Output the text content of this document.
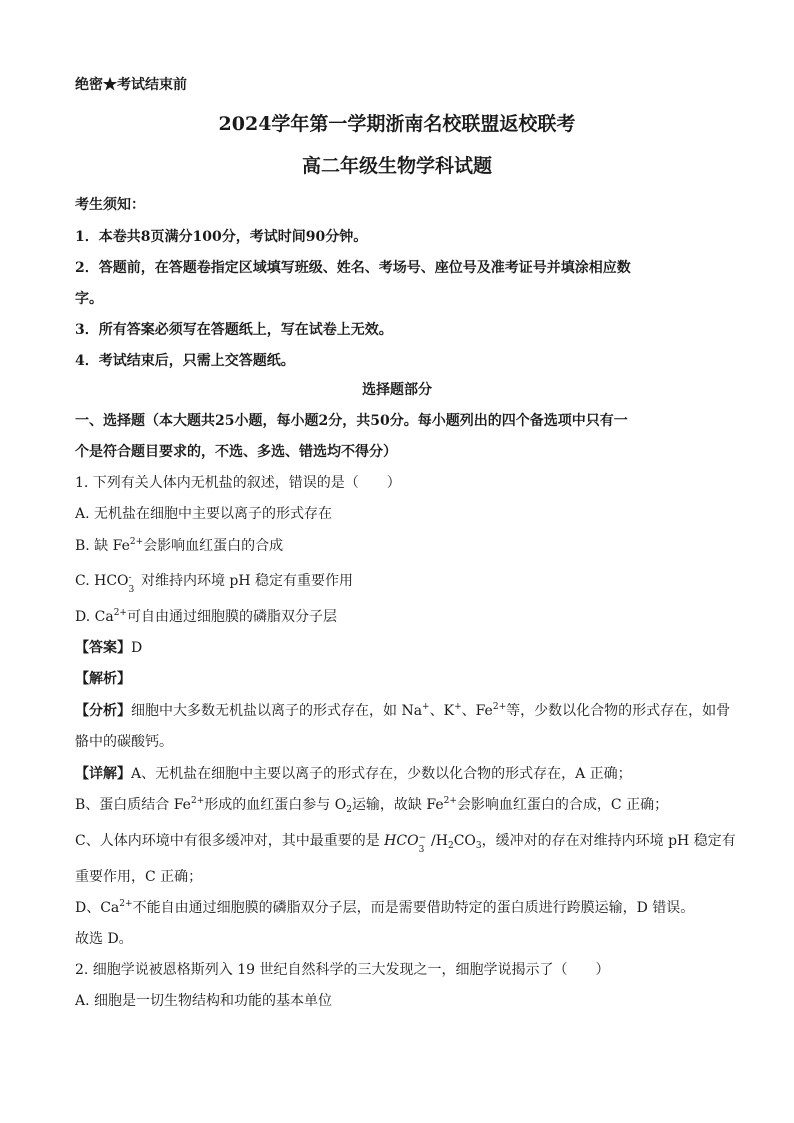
绝密★考试结束前
2024学年第一学期浙南名校联盟返校联考
高二年级生物学科试题
考生须知：
1．本卷共8页满分100分，考试时间90分钟。
2．答题前，在答题卷指定区域填写班级、姓名、考场号、座位号及准考证号并填涂相应数
字。
3．所有答案必须写在答题纸上，写在试卷上无效。
4．考试结束后，只需上交答题纸。
选择题部分
一、选择题（本大题共25小题，每小题2分，共50分。每小题列出的四个备选项中只有一
个是符合题目要求的，不选、多选、错选均不得分）
1. 下列有关人体内无机盐的叙述，错误的是（　　）
A. 无机盐在细胞中主要以离子的形式存在
B. 缺 $Fe^{2+}$会影响血红蛋白的合成
C. HCO -
3
对维持内环境 pH 稳定有重要作用
D. $Ca^{2+}$可自由通过细胞膜的磷脂双分子层
【答案】D
【解析】
【分析】细胞中大多数无机盐以离子的形式存在，如 Na+、K+、$Fe^{2+}$等，少数以化合物的形式存在，如骨
骼中的碳酸钙。
【详解】A、无机盐在细胞中主要以离子的形式存在，少数以化合物的形式存在，A 正确；
B、蛋白质结合 $Fe^{2+}$形成的血红蛋白参与 $O_2$运输，故缺 $Fe^{2+}$会影响血红蛋白的合成，C 正确；
C、人体内环境中有很多缓冲对，其中最重要的是 HCO −
3
$/H_2CO_3$，缓冲对的存在对维持内环境 pH 稳定有
重要作用，C 正确；
D、$Ca^{2+}$不能自由通过细胞膜的磷脂双分子层，而是需要借助特定的蛋白质进行跨膜运输，D 错误。
故选 D。
2. 细胞学说被恩格斯列入 19 世纪自然科学的三大发现之一，细胞学说揭示了（　　）
A. 细胞是一切生物结构和功能的基本单位
